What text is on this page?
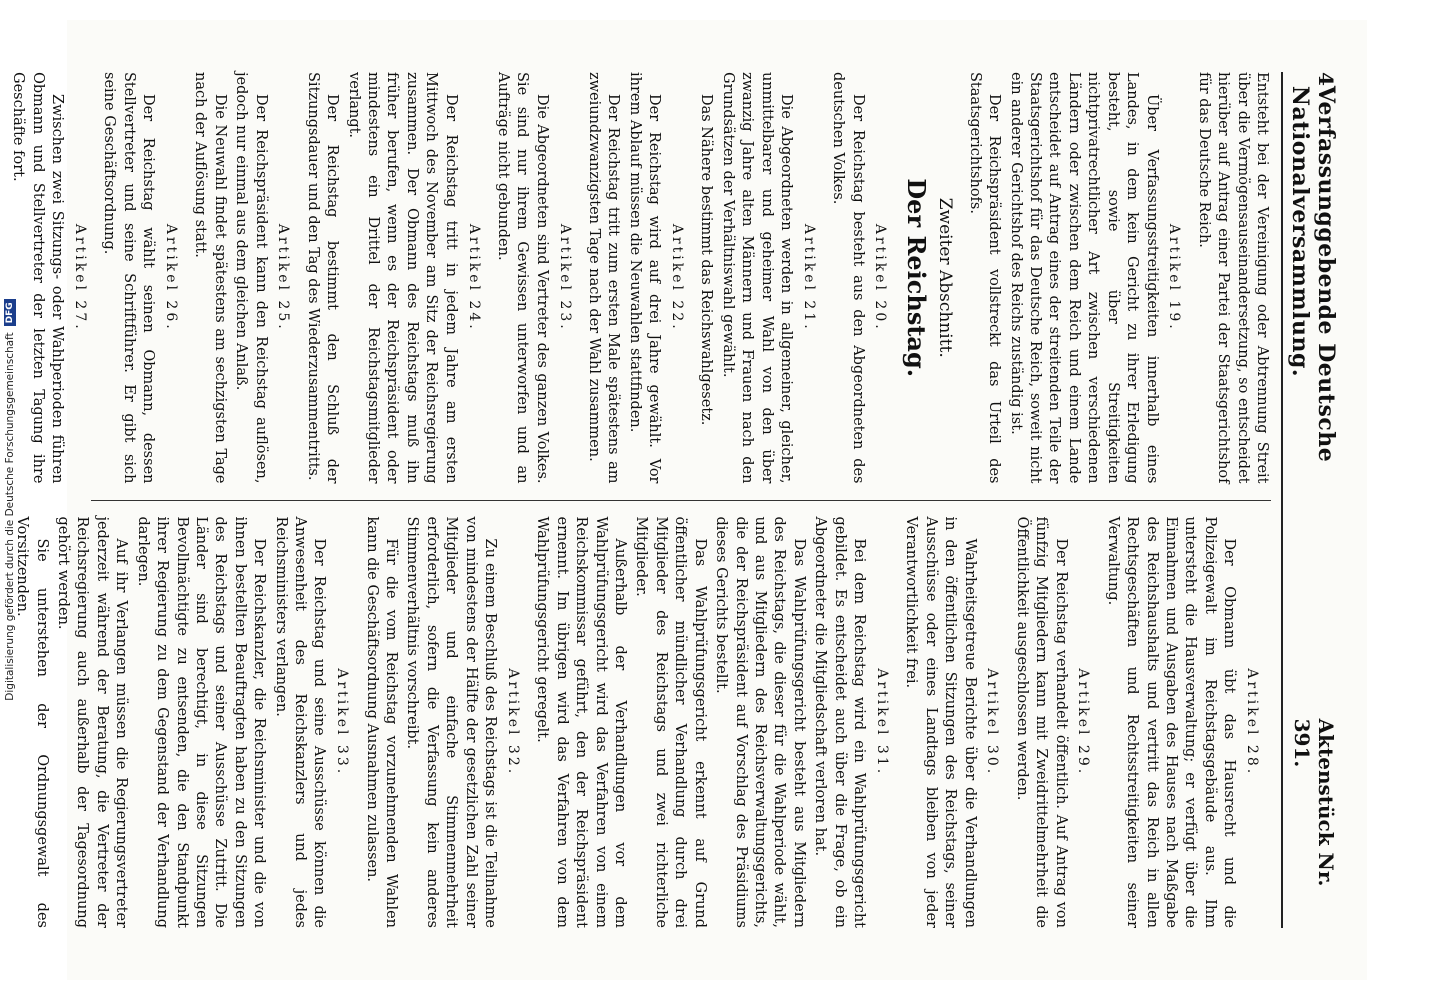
4
Verfassunggebende Deutsche Nationalversammlung.
Aktenstück Nr. 391.

Entsteht bei der Vereinigung oder Abtrennung Streit über die Vermögensauseinandersetzung, so entscheidet hierüber auf Antrag einer Partei der Staatsgerichtshof für das Deutsche Reich.

Artikel 19.

Über Verfassungsstreitigkeiten innerhalb eines Landes, in dem kein Gericht zu ihrer Erledigung besteht, sowie über Streitigkeiten nichtprivatrechtlicher Art zwischen verschiedenen Ländern oder zwischen dem Reich und einem Lande entscheidet auf Antrag eines der streitenden Teile der Staatsgerichtshof für das Deutsche Reich, soweit nicht ein anderer Gerichtshof des Reichs zuständig ist.

Der Reichspräsident vollstreckt das Urteil des Staatsgerichtshofs.

Zweiter Abschnitt.
Der Reichstag.
Artikel 20.

Der Reichstag besteht aus den Abgeordneten des deutschen Volkes.

Artikel 21.

Die Abgeordneten werden in allgemeiner, gleicher, unmittelbarer und geheimer Wahl von den über zwanzig Jahre alten Männern und Frauen nach den Grundsätzen der Verhältniswahl gewählt.

Das Nähere bestimmt das Reichswahlgesetz.

Artikel 22.

Der Reichstag wird auf drei Jahre gewählt. Vor ihrem Ablauf müssen die Neuwahlen stattfinden.

Der Reichstag tritt zum ersten Male spätestens am zweiundzwanzigsten Tage nach der Wahl zusammen.

Artikel 23.

Die Abgeordneten sind Vertreter des ganzen Volkes. Sie sind nur ihrem Gewissen unterworfen und an Aufträge nicht gebunden.

Artikel 24.

Der Reichstag tritt in jedem Jahre am ersten Mittwoch des November am Sitz der Reichsregierung zusammen. Der Obmann des Reichstags muß ihn früher berufen, wenn es der Reichspräsident oder mindestens ein Drittel der Reichstagsmitglieder verlangt.

Der Reichstag bestimmt den Schluß der Sitzungsdauer und den Tag des Wiederzusammentritts.

Artikel 25.

Der Reichspräsident kann den Reichstag auflösen, jedoch nur einmal aus dem gleichen Anlaß.

Die Neuwahl findet spätestens am sechzigsten Tage nach der Auflösung statt.

Artikel 26.

Der Reichstag wählt seinen Obmann, dessen Stellvertreter und seine Schriftführer. Er gibt sich seine Geschäftsordnung.

Artikel 27.

Zwischen zwei Sitzungs- oder Wahlperioden führen Obmann und Stellvertreter der letzten Tagung ihre Geschäfte fort.

Artikel 28.

Der Obmann übt das Hausrecht und die Polizeigewalt im Reichstagsgebäude aus. Ihm untersteht die Hausverwaltung; er verfügt über die Einnahmen und Ausgaben des Hauses nach Maßgabe des Reichshaushalts und vertritt das Reich in allen Rechtsgeschäften und Rechtsstreitigkeiten seiner Verwaltung.

Artikel 29.

Der Reichstag verhandelt öffentlich. Auf Antrag von fünfzig Mitgliedern kann mit Zweidrittelmehrheit die Öffentlichkeit ausgeschlossen werden.

Artikel 30.

Wahrheitsgetreue Berichte über die Verhandlungen in den öffentlichen Sitzungen des Reichstags, seiner Ausschüsse oder eines Landtags bleiben von jeder Verantwortlichkeit frei.

Artikel 31.

Bei dem Reichstag wird ein Wahlprüfungsgericht gebildet. Es entscheidet auch über die Frage, ob ein Abgeordneter die Mitgliedschaft verloren hat.

Das Wahlprüfungsgericht besteht aus Mitgliedern des Reichstags, die dieser für die Wahlperiode wählt, und aus Mitgliedern des Reichsverwaltungsgerichts, die der Reichspräsident auf Vorschlag des Präsidiums dieses Gerichts bestellt.

Das Wahlprüfungsgericht erkennt auf Grund öffentlicher mündlicher Verhandlung durch drei Mitglieder des Reichstags und zwei richterliche Mitglieder.

Außerhalb der Verhandlungen vor dem Wahlprüfungsgericht wird das Verfahren von einem Reichskommissar geführt, den der Reichspräsident ernennt. Im übrigen wird das Verfahren von dem Wahlprüfungsgericht geregelt.

Artikel 32.

Zu einem Beschluß des Reichstags ist die Teilnahme von mindestens der Hälfte der gesetzlichen Zahl seiner Mitglieder und einfache Stimmenmehrheit erforderlich, sofern die Verfassung kein anderes Stimmenverhältnis vorschreibt.

Für die vom Reichstag vorzunehmenden Wahlen kann die Geschäftsordnung Ausnahmen zulassen.

Artikel 33.

Der Reichstag und seine Ausschüsse können die Anwesenheit des Reichskanzlers und jedes Reichsministers verlangen.

Der Reichskanzler, die Reichsminister und die von ihnen bestellten Beauftragten haben zu den Sitzungen des Reichstags und seiner Ausschüsse Zutritt. Die Länder sind berechtigt, in diese Sitzungen Bevollmächtigte zu entsenden, die den Standpunkt ihrer Regierung zu dem Gegenstand der Verhandlung darlegen.

Auf ihr Verlangen müssen die Regierungsvertreter jederzeit während der Beratung, die Vertreter der Reichsregierung auch außerhalb der Tagesordnung gehört werden.

Sie unterstehen der Ordnungsgewalt des Vorsitzenden.

Digitalisierung gefördert durch die Deutsche Forschungsgemeinschaft
DFG
